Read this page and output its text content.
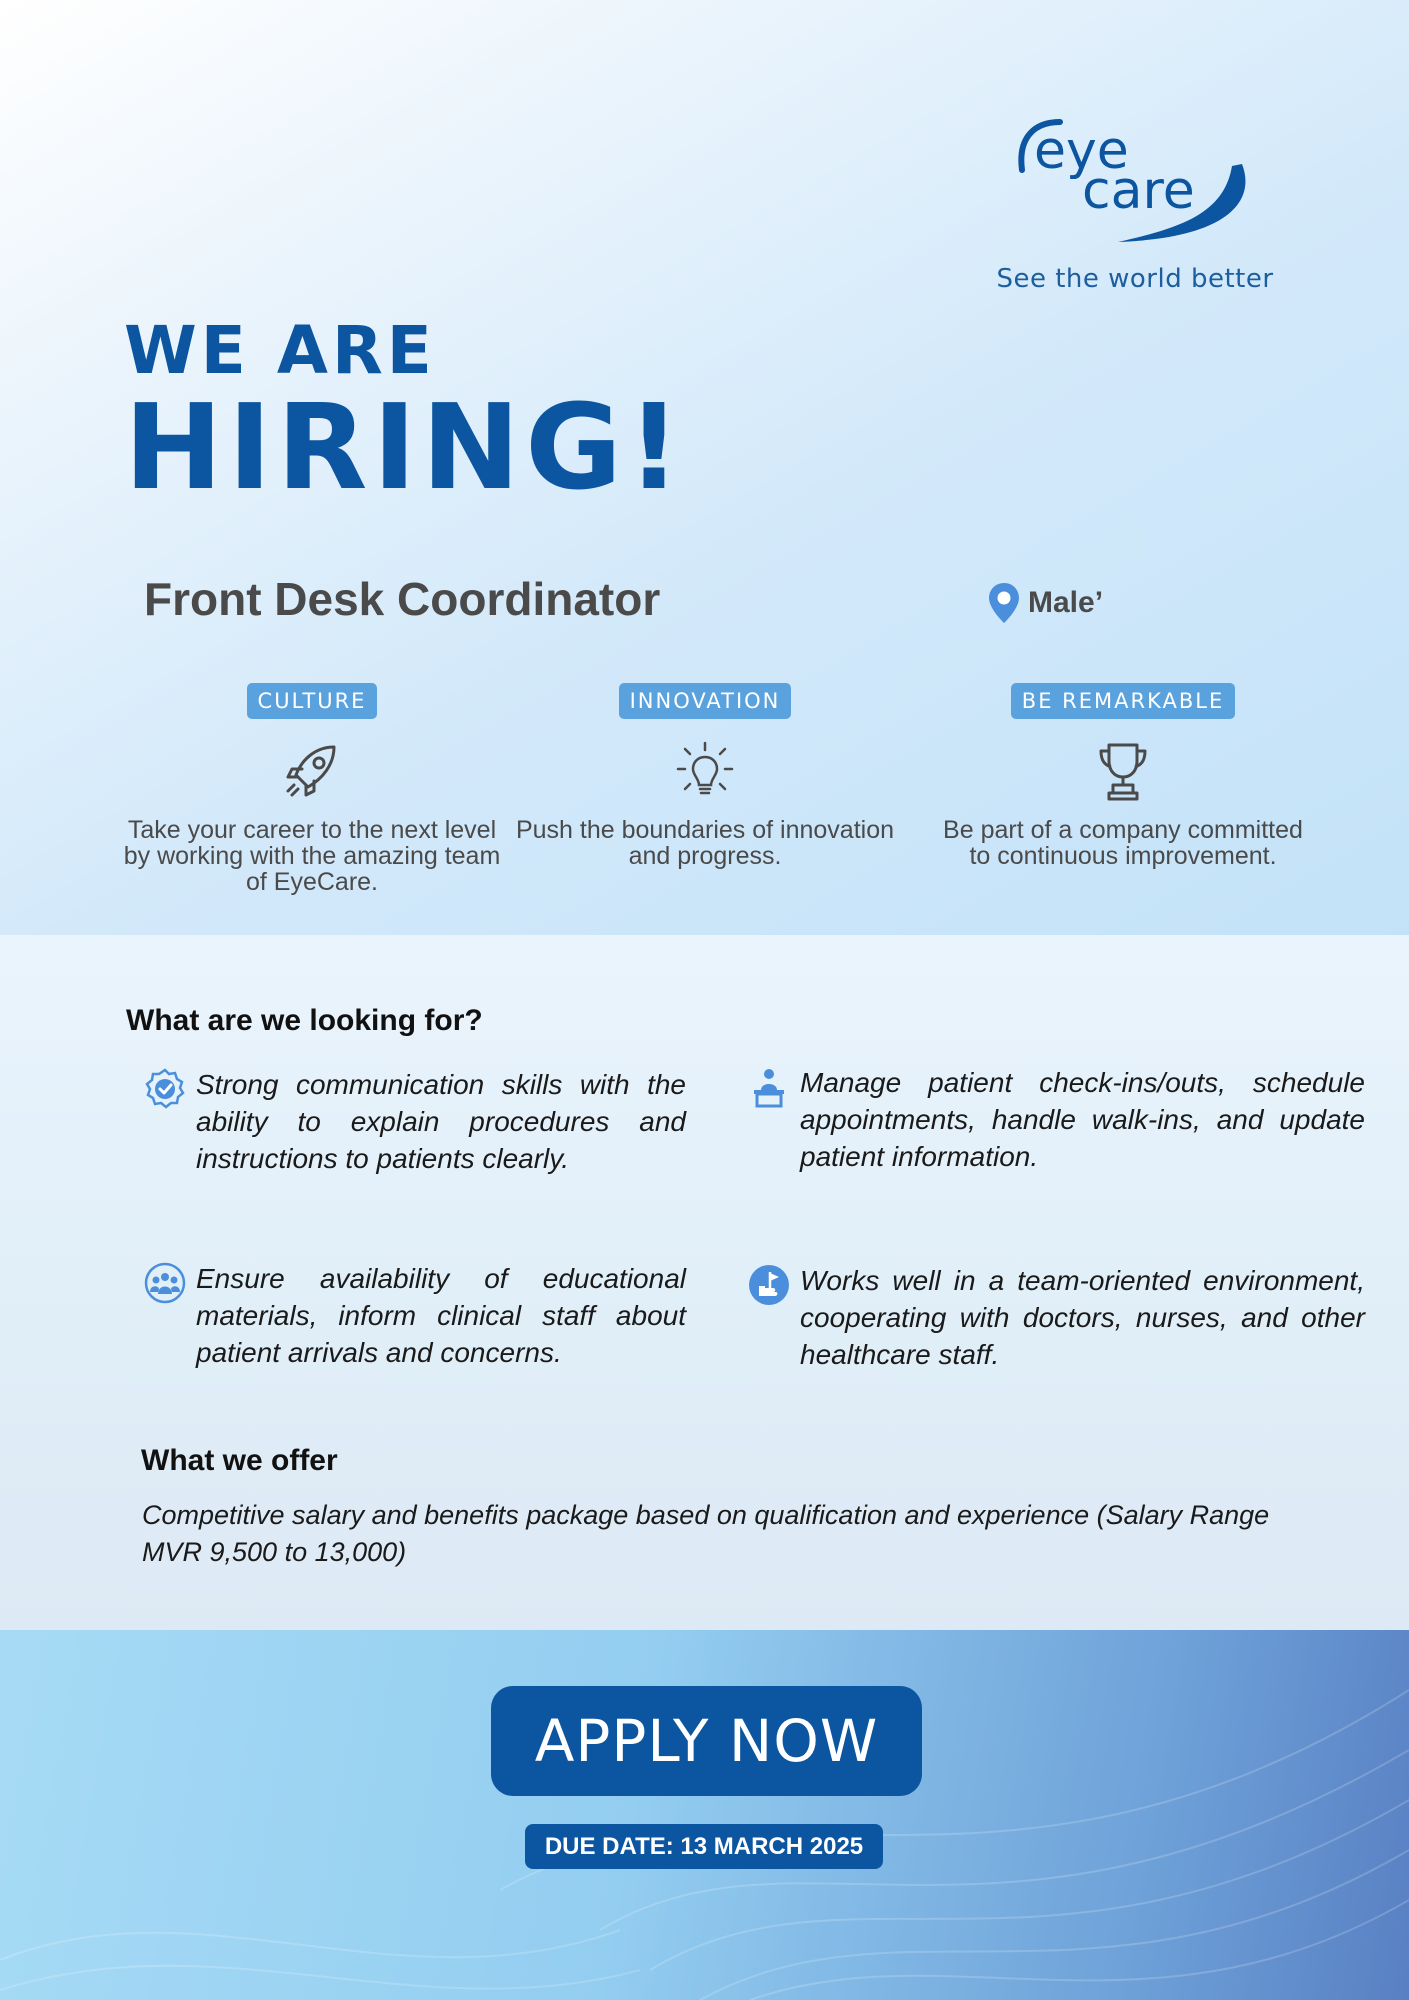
eye
care
See the world better
WE ARE
HIRING!
Front Desk Coordinator	Male’
CULTURE
Take your career to the next level by working with the amazing team of EyeCare.
INNOVATION
Push the boundaries of innovation and progress.
BE REMARKABLE
Be part of a company committed to continuous improvement.
What are we looking for?
Strong communication skills with the ability to explain procedures and instructions to patients clearly.
Manage patient check-ins/outs, schedule appointments, handle walk-ins, and update patient information.
Ensure availability of educational materials, inform clinical staff about patient arrivals and concerns.
Works well in a team-oriented environment, cooperating with doctors, nurses, and other healthcare staff.
What we offer
Competitive salary and benefits package based on qualification and experience (Salary Range MVR 9,500 to 13,000)
APPLY NOW
DUE DATE: 13 MARCH 2025
